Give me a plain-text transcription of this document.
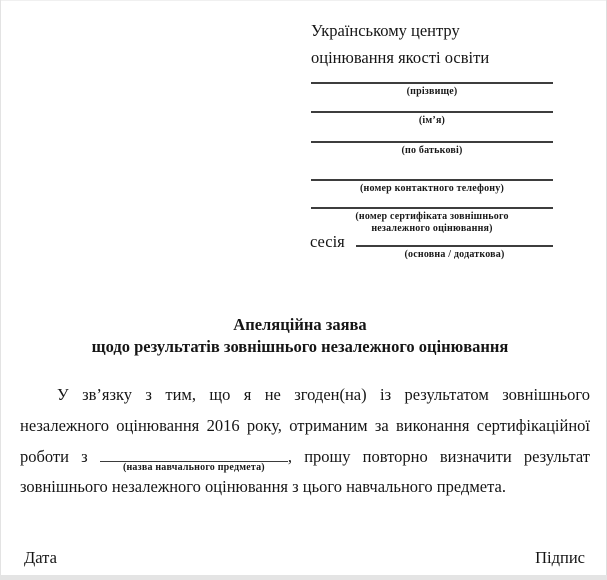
Українському центру
оцінювання якості освіти
(прізвище)
(ім’я)
(по батькові)
(номер контактного телефону)
(номер сертифіката зовнішнього
незалежного оцінювання)
сесія
(основна / додаткова)
Апеляційна заява
щодо результатів зовнішнього незалежного оцінювання
У зв’язку з тим, що я не згоден(на) із результатом зовнішнього незалежного оцінювання 2016 року, отриманим за виконання сертифікаційної роботи з
(назва навчального предмета)
, прошу повторно визначити результат зовнішнього незалежного оцінювання з цього навчального предмета.
Дата	Підпис
